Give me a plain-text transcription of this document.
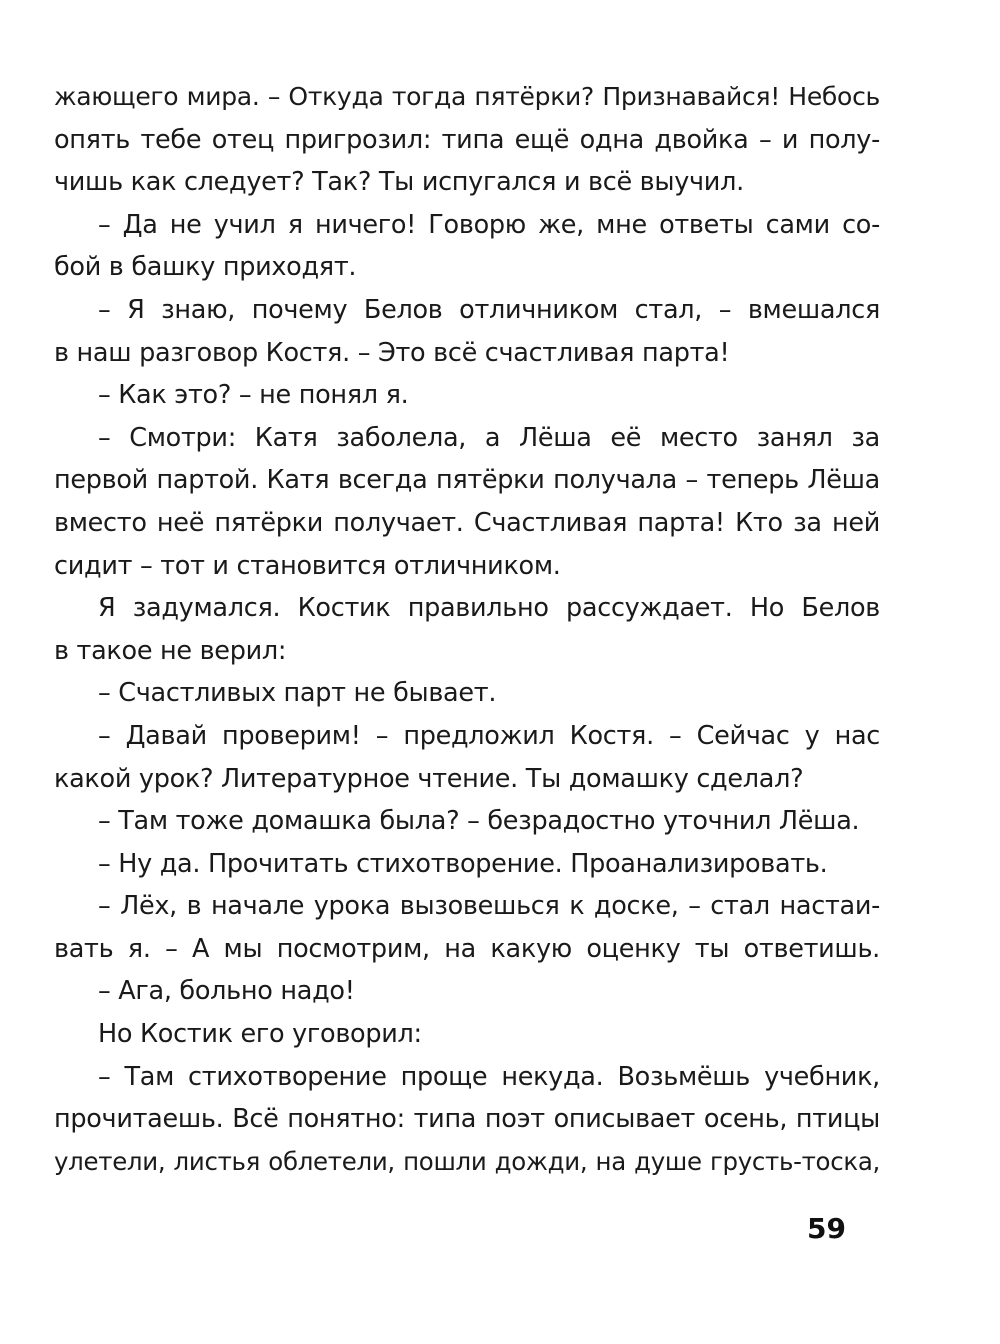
жающего мира. – Откуда тогда пятёрки? Признавайся! Небось
опять тебе отец пригрозил: типа ещё одна двойка – и полу-
чишь как следует? Так? Ты испугался и всё выучил.
– Да не учил я ничего! Говорю же, мне ответы сами со-
бой в башку приходят.
– Я знаю, почему Белов отличником стал, – вмешался
в наш разговор Костя. – Это всё счастливая парта!
– Как это? – не понял я.
– Смотри: Катя заболела, а Лёша её место занял за
первой партой. Катя всегда пятёрки получала – теперь Лёша
вместо неё пятёрки получает. Счастливая парта! Кто за ней
сидит – тот и становится отличником.
Я задумался. Костик правильно рассуждает. Но Белов
в такое не верил:
– Счастливых парт не бывает.
– Давай проверим! – предложил Костя. – Сейчас у нас
какой урок? Литературное чтение. Ты домашку сделал?
– Там тоже домашка была? – безрадостно уточнил Лёша.
– Ну да. Прочитать стихотворение. Проанализировать.
– Лёх, в начале урока вызовешься к доске, – стал настаи-
вать я. – А мы посмотрим, на какую оценку ты ответишь.
– Ага, больно надо!
Но Костик его уговорил:
– Там стихотворение проще некуда. Возьмёшь учебник,
прочитаешь. Всё понятно: типа поэт описывает осень, птицы
улетели, листья облетели, пошли дожди, на душе грусть-тоска,
59
